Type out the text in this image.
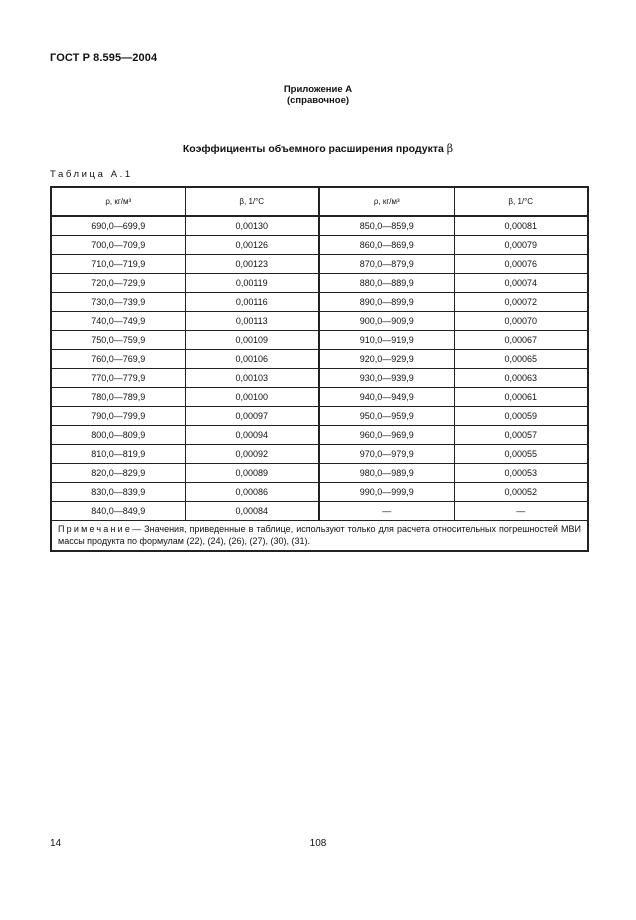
ГОСТ Р 8.595—2004
Приложение А
(справочное)
Коэффициенты объемного расширения продукта β
Таблица А.1
ρ, кг/м³	β, 1/°С	ρ, кг/м³	β, 1/°С
690,0—699,9	0,00130	850,0—859,9	0,00081
700,0—709,9	0,00126	860,0—869,9	0,00079
710,0—719,9	0,00123	870,0—879,9	0,00076
720,0—729,9	0,00119	880,0—889,9	0,00074
730,0—739,9	0,00116	890,0—899,9	0,00072
740,0—749,9	0,00113	900,0—909,9	0,00070
750,0—759,9	0,00109	910,0—919,9	0,00067
760,0—769,9	0,00106	920,0—929,9	0,00065
770,0—779,9	0,00103	930,0—939,9	0,00063
780,0—789,9	0,00100	940,0—949,9	0,00061
790,0—799,9	0,00097	950,0—959,9	0,00059
800,0—809,9	0,00094	960,0—969,9	0,00057
810,0—819,9	0,00092	970,0—979,9	0,00055
820,0—829,9	0,00089	980,0—989,9	0,00053
830,0—839,9	0,00086	990,0—999,9	0,00052
840,0—849,9	0,00084	—	—
Примечание— Значения, приведенные в таблице, используют только для расчета относительных погрешностей МВИ массы продукта по формулам (22), (24), (26), (27), (30), (31).			
14	108
